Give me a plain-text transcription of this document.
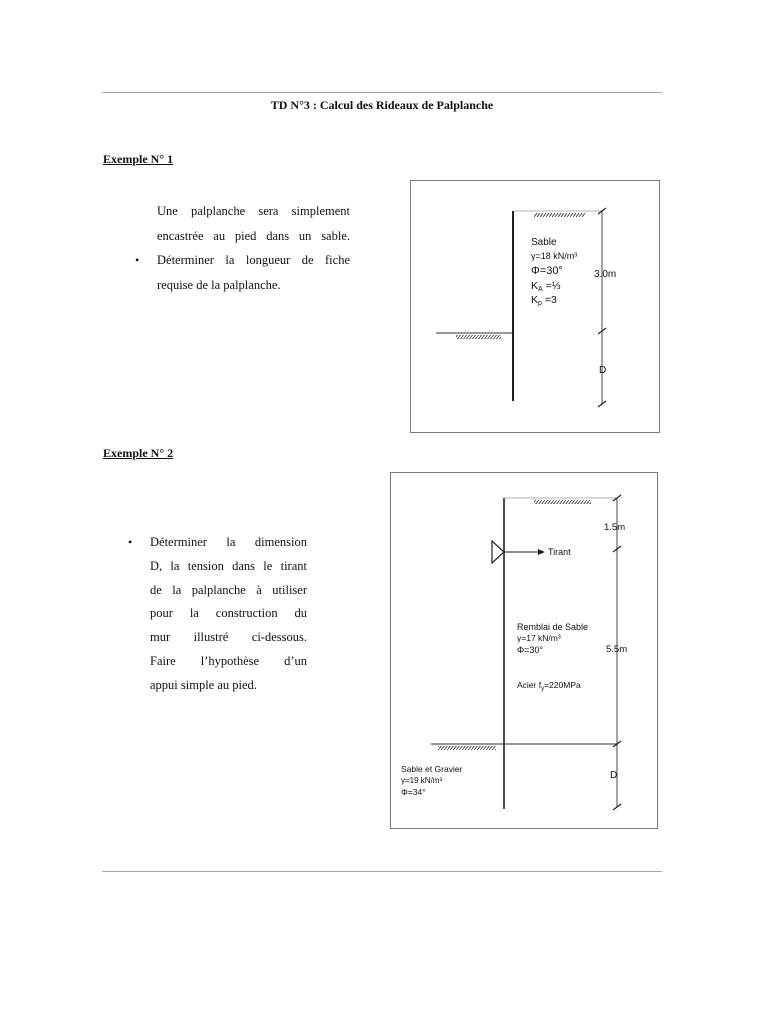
TD N°3 : Calcul des Rideaux de Palplanche
Exemple N° 1
Une palplanche sera simplement
encastrée au pied dans un sable.
• Déterminer la longueur de fiche
requise de la palplanche.
Sable
γ=18 kN/m³
Φ=30°
KA =⅓
Kp =3
3.0m
D
Exemple N° 2
• Déterminer la dimension
D, la tension dans le tirant
de la palplanche à utiliser
pour la construction du
mur illustré ci-dessous.
Faire l’hypothèse d’un
appui simple au pied.
1.5m
Tirant
Remblai de Sable
γ=17 kN/m³
Φ=30°	5.5m
Acier $f_y=220MPa$
Sable et Gravier
γ=19 kN/m³
Φ=34°
D
